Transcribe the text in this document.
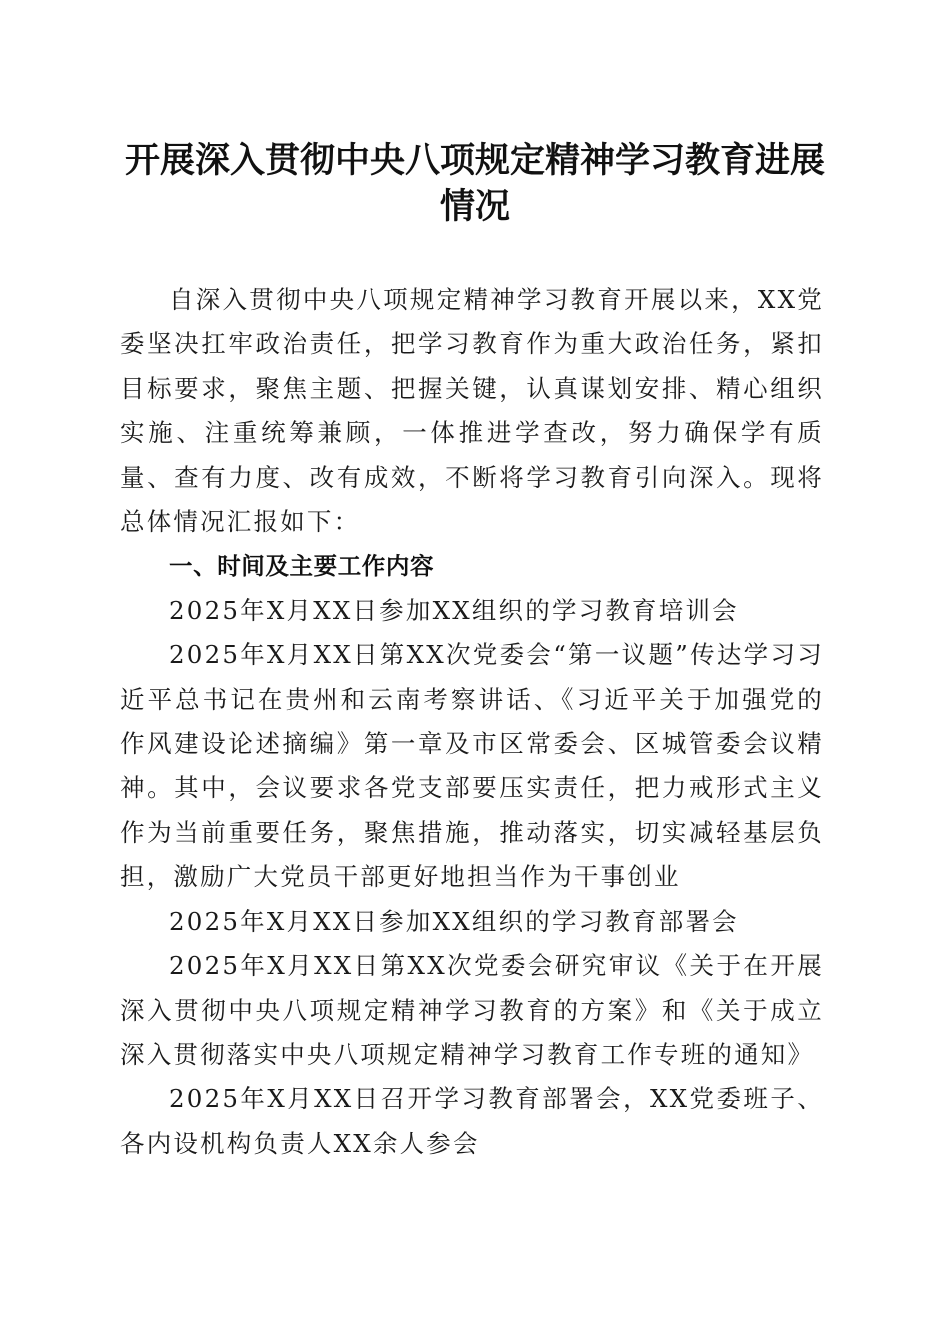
开展深入贯彻中央八项规定精神学习教育进展情况

自深入贯彻中央八项规定精神学习教育开展以来，XX党委坚决扛牢政治责任，把学习教育作为重大政治任务，紧扣目标要求，聚焦主题、把握关键，认真谋划安排、精心组织实施、注重统筹兼顾，一体推进学查改，努力确保学有质量、查有力度、改有成效，不断将学习教育引向深入。现将总体情况汇报如下：

一、时间及主要工作内容

2025年X月XX日参加XX组织的学习教育培训会

2025年X月XX日第XX次党委会“第一议题”传达学习习近平总书记在贵州和云南考察讲话、《习近平关于加强党的作风建设论述摘编》第一章及市区常委会、区城管委会议精神。其中，会议要求各党支部要压实责任，把力戒形式主义作为当前重要任务，聚焦措施，推动落实，切实减轻基层负担，激励广大党员干部更好地担当作为干事创业

2025年X月XX日参加XX组织的学习教育部署会

2025年X月XX日第XX次党委会研究审议《关于在开展深入贯彻中央八项规定精神学习教育的方案》和《关于成立深入贯彻落实中央八项规定精神学习教育工作专班的通知》

2025年X月XX日召开学习教育部署会，XX党委班子、各内设机构负责人XX余人参会
